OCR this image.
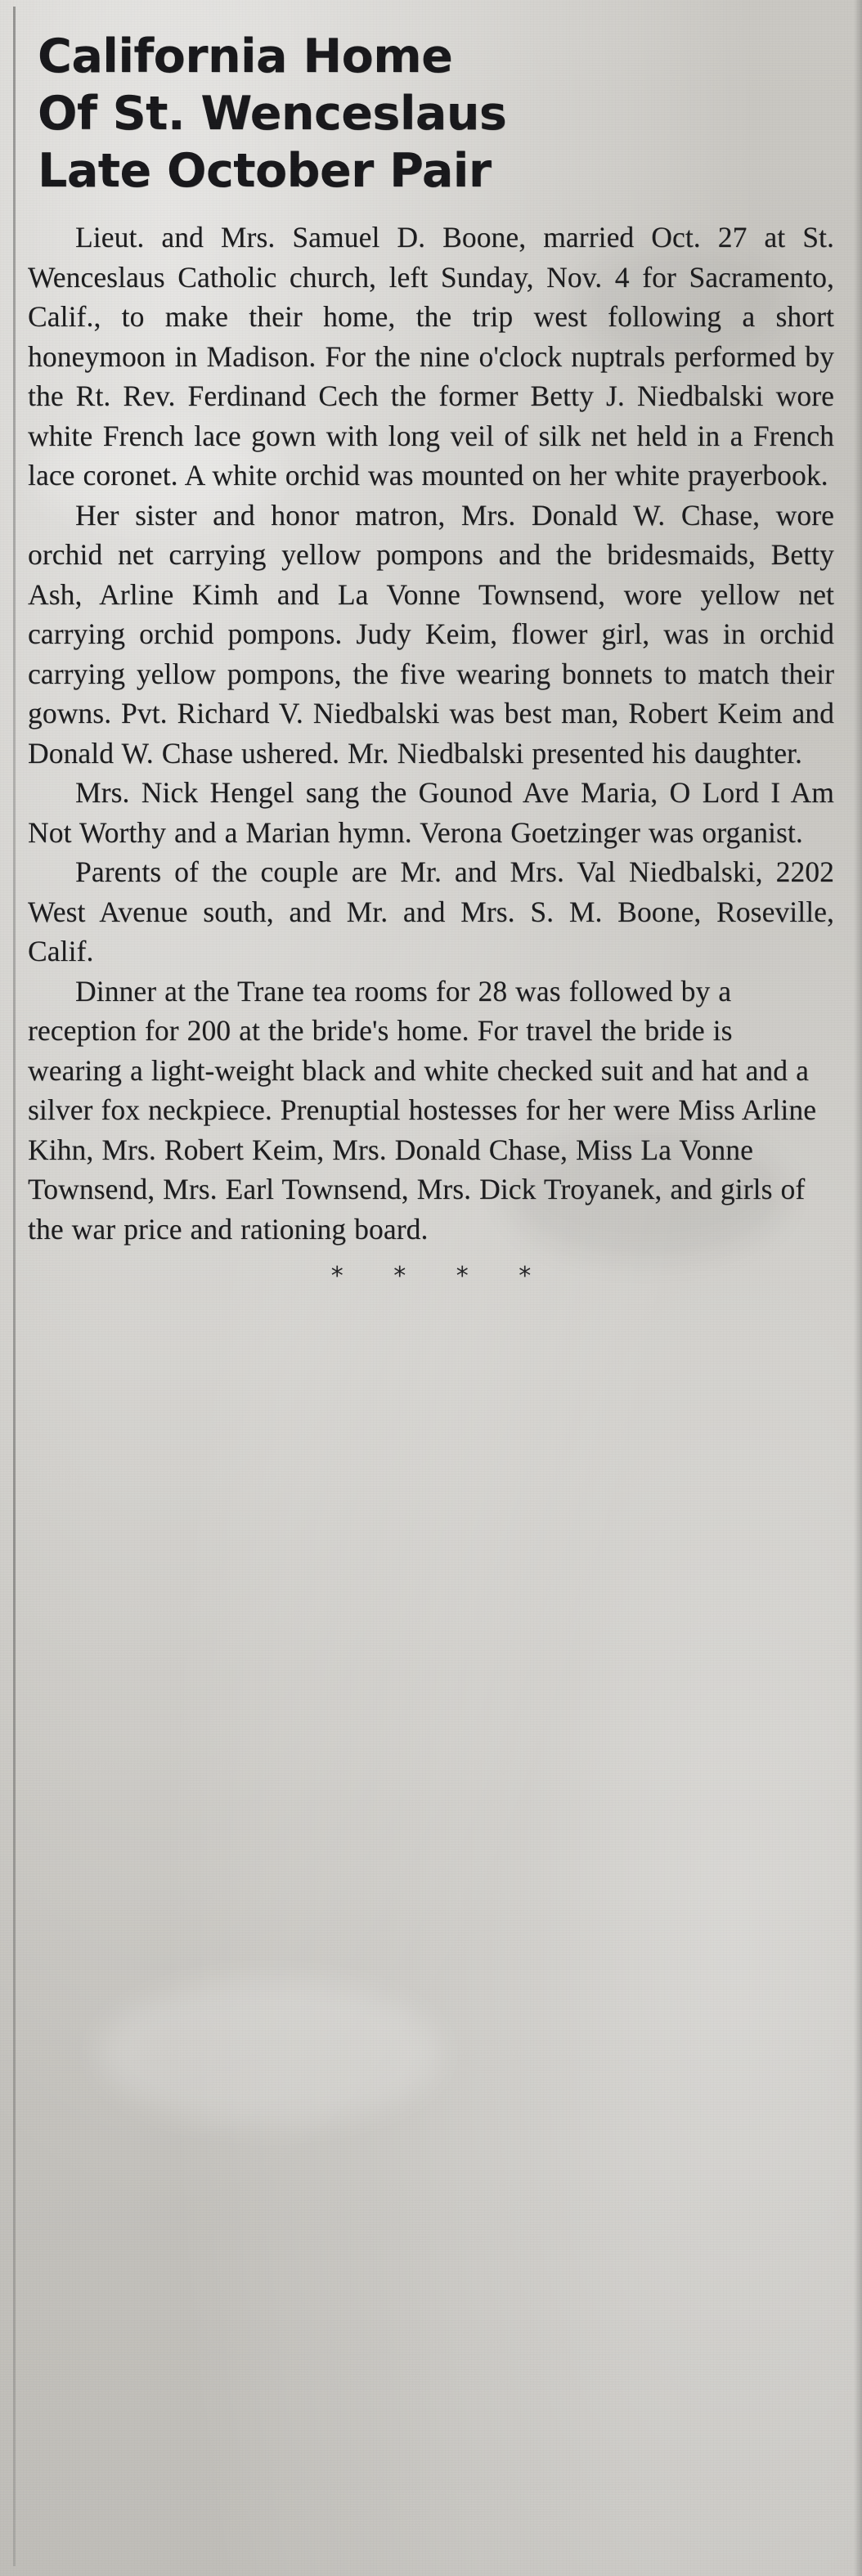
California Home
Of St. Wenceslaus
Late October Pair

Lieut. and Mrs. Samuel D. Boone, married Oct. 27 at St. Wenceslaus Catholic church, left Sunday, Nov. 4 for Sacramento, Calif., to make their home, the trip west following a short honeymoon in Madison. For the nine o'clock nuptrals performed by the Rt. Rev. Ferdinand Cech the former Betty J. Niedbalski wore white French lace gown with long veil of silk net held in a French lace coronet. A white orchid was mounted on her white prayerbook.

Her sister and honor matron, Mrs. Donald W. Chase, wore orchid net carrying yellow pompons and the bridesmaids, Betty Ash, Arline Kimh and La Vonne Townsend, wore yellow net carrying orchid pompons. Judy Keim, flower girl, was in orchid carrying yellow pompons, the five wearing bonnets to match their gowns. Pvt. Richard V. Niedbalski was best man, Robert Keim and Donald W. Chase ushered. Mr. Niedbalski presented his daughter.

Mrs. Nick Hengel sang the Gounod Ave Maria, O Lord I Am Not Worthy and a Marian hymn. Verona Goetzinger was organist.

Parents of the couple are Mr. and Mrs. Val Niedbalski, 2202 West Avenue south, and Mr. and Mrs. S. M. Boone, Roseville, Calif.

Dinner at the Trane tea rooms for 28 was followed by a reception for 200 at the bride's home. For travel the bride is wearing a light-weight black and white checked suit and hat and a silver fox neckpiece. Prenuptial hostesses for her were Miss Arline Kihn, Mrs. Robert Keim, Mrs. Donald Chase, Miss La Vonne Townsend, Mrs. Earl Townsend, Mrs. Dick Troyanek, and girls of the war price and rationing board.

* * * *
